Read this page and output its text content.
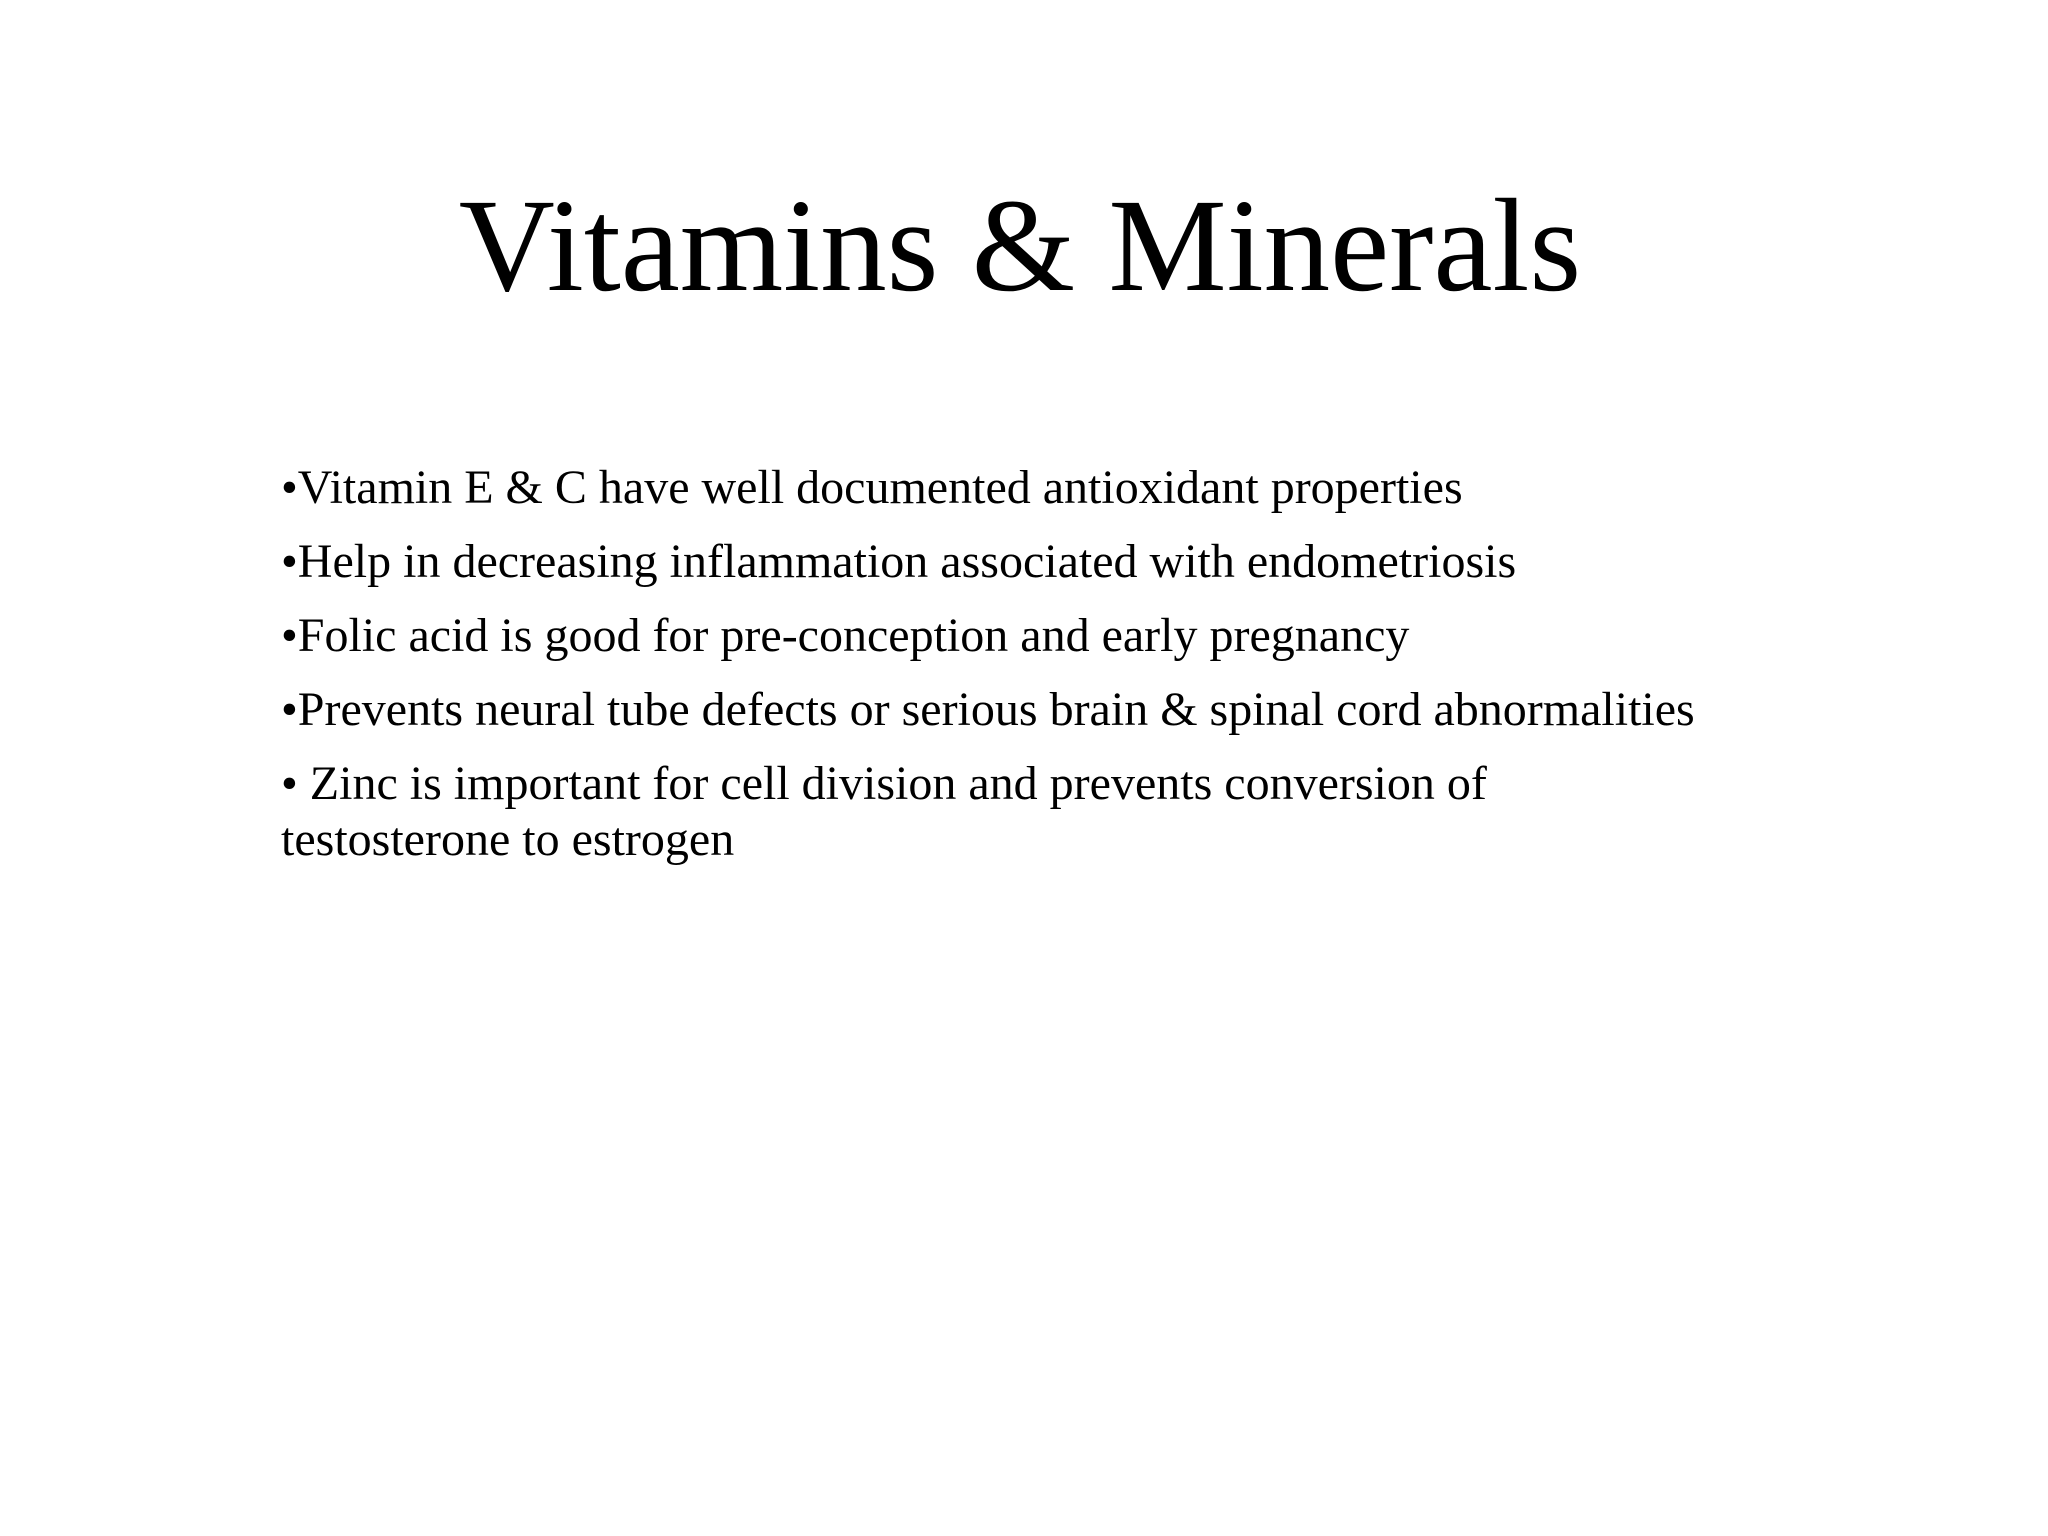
Vitamins & Minerals
•Vitamin E & C have well documented antioxidant properties
•Help in decreasing inflammation associated with endometriosis
•Folic acid is good for pre-conception and early pregnancy
•Prevents neural tube defects or serious brain & spinal cord abnormalities
• Zinc is important for cell division and prevents conversion of testosterone to estrogen
